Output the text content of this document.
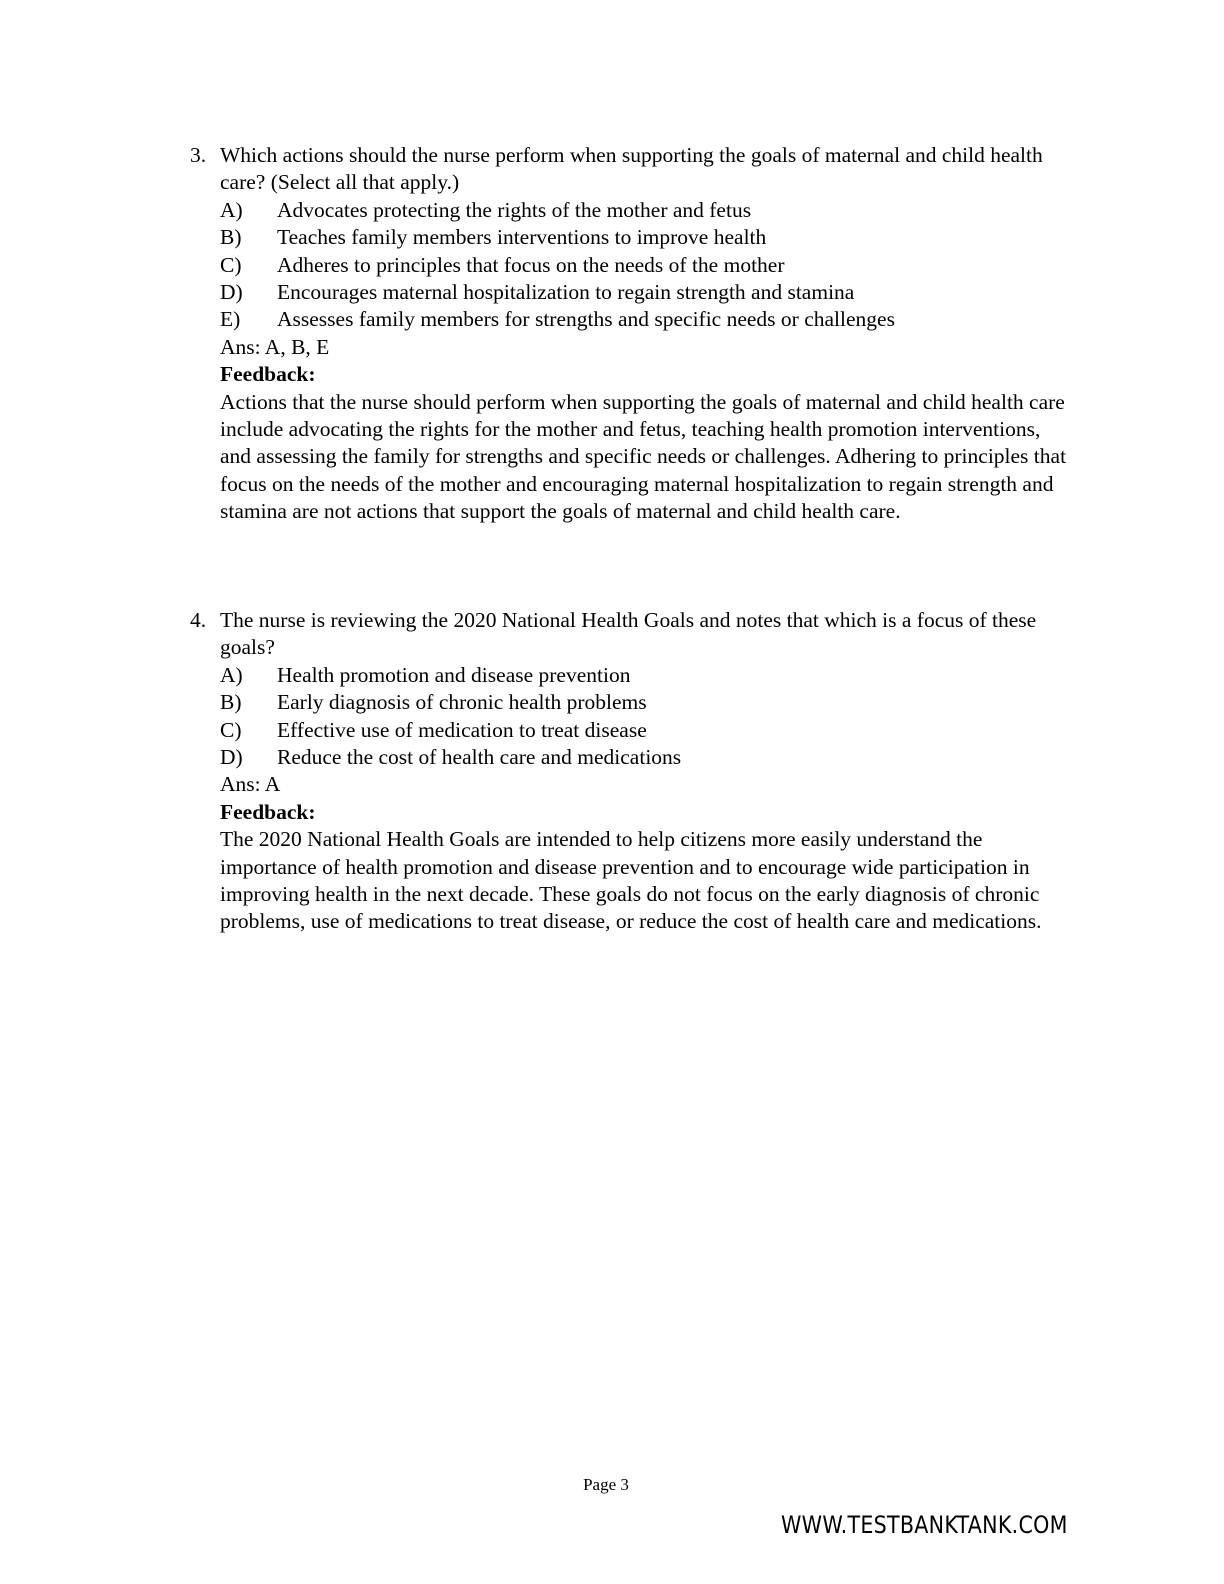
3. Which actions should the nurse perform when supporting the goals of maternal and child health care? (Select all that apply.)
A)	Advocates protecting the rights of the mother and fetus
B)	Teaches family members interventions to improve health
C)	Adheres to principles that focus on the needs of the mother
D)	Encourages maternal hospitalization to regain strength and stamina
E)	Assesses family members for strengths and specific needs or challenges
Ans: A, B, E
Feedback:
Actions that the nurse should perform when supporting the goals of maternal and child health care include advocating the rights for the mother and fetus, teaching health promotion interventions, and assessing the family for strengths and specific needs or challenges. Adhering to principles that focus on the needs of the mother and encouraging maternal hospitalization to regain strength and stamina are not actions that support the goals of maternal and child health care.
4. The nurse is reviewing the 2020 National Health Goals and notes that which is a focus of these goals?
A)	Health promotion and disease prevention
B)	Early diagnosis of chronic health problems
C)	Effective use of medication to treat disease
D)	Reduce the cost of health care and medications
Ans: A
Feedback:
The 2020 National Health Goals are intended to help citizens more easily understand the importance of health promotion and disease prevention and to encourage wide participation in improving health in the next decade. These goals do not focus on the early diagnosis of chronic problems, use of medications to treat disease, or reduce the cost of health care and medications.
Page 3
WWW.TESTBANKTANK.COM
